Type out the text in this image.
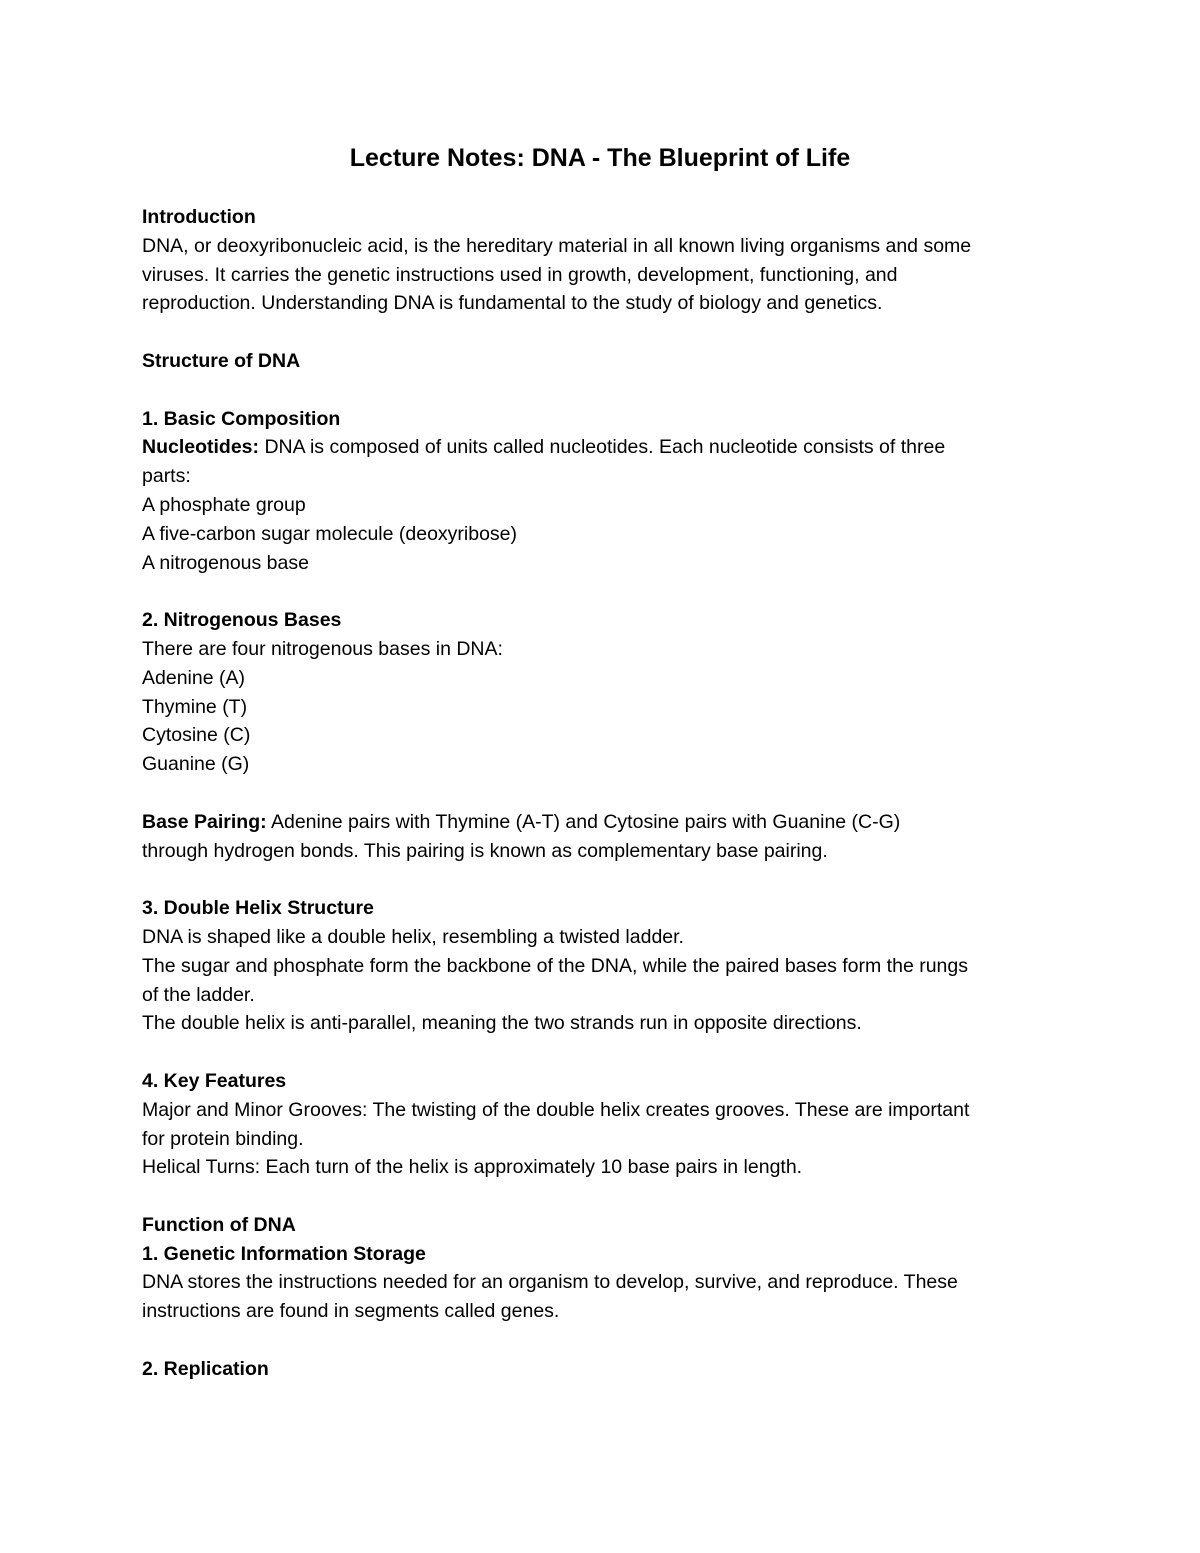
Lecture Notes: DNA - The Blueprint of Life
Introduction
DNA, or deoxyribonucleic acid, is the hereditary material in all known living organisms and some
viruses. It carries the genetic instructions used in growth, development, functioning, and
reproduction. Understanding DNA is fundamental to the study of biology and genetics.
Structure of DNA
1. Basic Composition
Nucleotides: DNA is composed of units called nucleotides. Each nucleotide consists of three
parts:
A phosphate group
A five-carbon sugar molecule (deoxyribose)
A nitrogenous base
2. Nitrogenous Bases
There are four nitrogenous bases in DNA:
Adenine (A)
Thymine (T)
Cytosine (C)
Guanine (G)
Base Pairing: Adenine pairs with Thymine (A-T) and Cytosine pairs with Guanine (C-G)
through hydrogen bonds. This pairing is known as complementary base pairing.
3. Double Helix Structure
DNA is shaped like a double helix, resembling a twisted ladder.
The sugar and phosphate form the backbone of the DNA, while the paired bases form the rungs
of the ladder.
The double helix is anti-parallel, meaning the two strands run in opposite directions.
4. Key Features
Major and Minor Grooves: The twisting of the double helix creates grooves. These are important
for protein binding.
Helical Turns: Each turn of the helix is approximately 10 base pairs in length.
Function of DNA
1. Genetic Information Storage
DNA stores the instructions needed for an organism to develop, survive, and reproduce. These
instructions are found in segments called genes.
2. Replication
